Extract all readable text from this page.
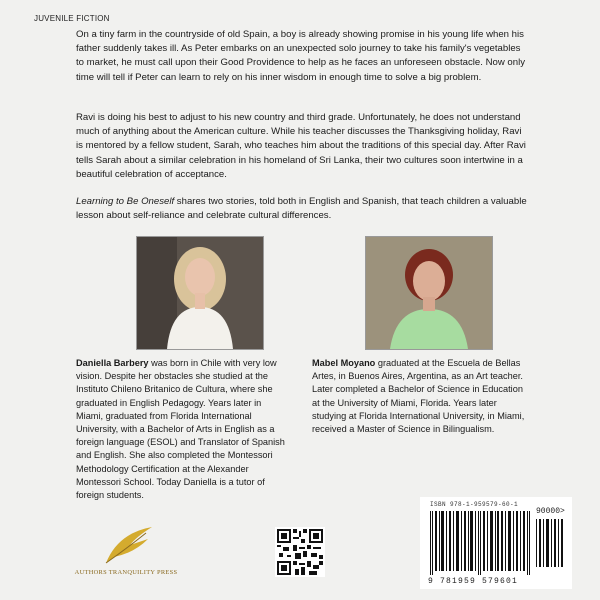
JUVENILE FICTION

On a tiny farm in the countryside of old Spain, a boy is already showing promise in his young life when his father suddenly takes ill. As Peter embarks on an unexpected solo journey to take his family's vegetables to market, he must call upon their Good Providence to help as he faces an unforeseen obstacle. Now only time will tell if Peter can learn to rely on his inner wisdom in enough time to solve a big problem.

Ravi is doing his best to adjust to his new country and third grade. Unfortunately, he does not understand much of anything about the American culture. While his teacher discusses the Thanksgiving holiday, Ravi is mentored by a fellow student, Sarah, who teaches him about the traditions of this special day. After Ravi tells Sarah about a similar celebration in his homeland of Sri Lanka, their two cultures soon intertwine in a beautiful celebration of acceptance.

Learning to Be Oneself shares two stories, told both in English and Spanish, that teach children a valuable lesson about self-reliance and celebrate cultural differences.

Daniella Barbery was born in Chile with very low vision. Despite her obstacles she studied at the Instituto Chileno Britanico de Cultura, where she graduated in English Pedagogy. Years later in Miami, graduated from Florida International University, with a Bachelor of Arts in English as a foreign language (ESOL) and Translator of Spanish and English. She also completed the Montessori Methodology Certification at the Alexander Montessori School. Today Daniella is a tutor of foreign students.

Mabel Moyano graduated at the Escuela de Bellas Artes, in Buenos Aires, Argentina, as an Art teacher. Later completed a Bachelor of Science in Education at the University of Miami, Florida. Years later studying at Florida International University, in Miami, received a Master of Science in Bilingualism.

AUTHORS TRANQUILITY PRESS
ISBN 978-1-959579-60-1
90000>
9 781959 579601
